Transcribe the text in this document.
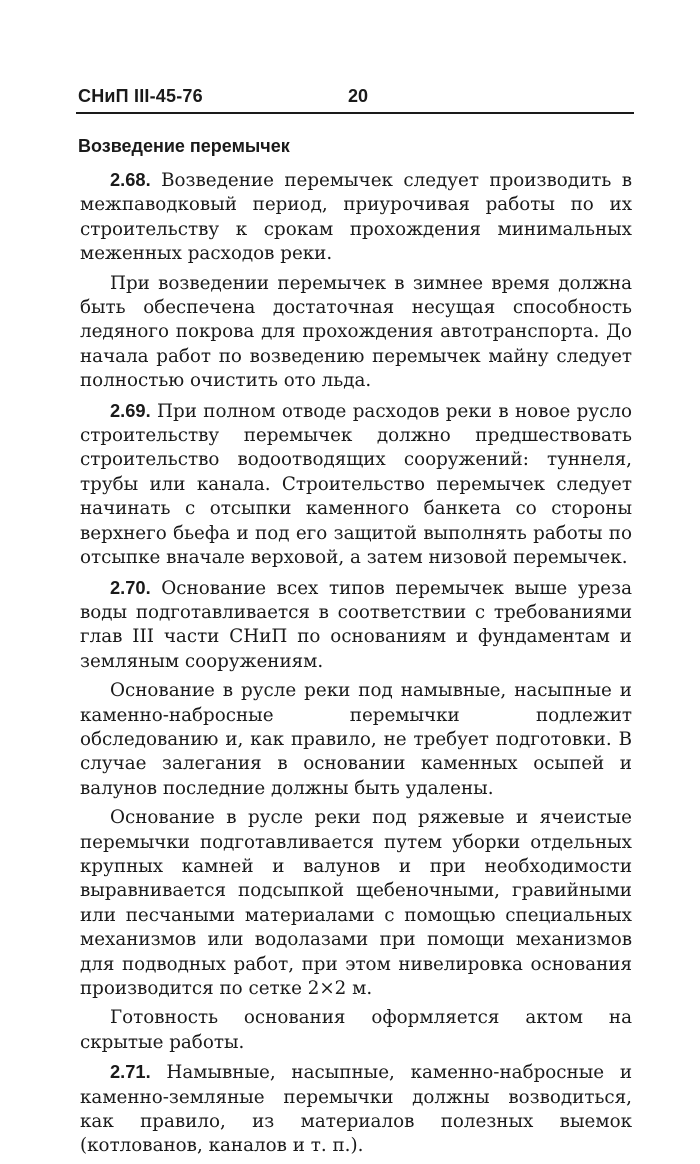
СНиП III-45-76	20
Возведение перемычек

2.68. Возведение перемычек следует производить в межпаводковый период, приурочивая работы по их строительству к срокам прохождения минимальных меженных расходов реки.

При возведении перемычек в зимнее время должна быть обеспечена достаточная несущая способность ледяного покрова для прохождения автотранспорта. До начала работ по возведению перемычек майну следует полностью очистить ото льда.

2.69. При полном отводе расходов реки в новое русло строительству перемычек должно предшествовать строительство водоотводящих сооружений: туннеля, трубы или канала. Строительство перемычек следует начинать с отсыпки каменного банкета со стороны верхнего бьефа и под его защитой выполнять работы по отсыпке вначале верховой, а затем низовой перемычек.

2.70. Основание всех типов перемычек выше уреза воды подготавливается в соответствии с требованиями глав III части СНиП по основаниям и фундаментам и земляным сооружениям.

Основание в русле реки под намывные, насыпные и каменно-набросные перемычки подлежит обследованию и, как правило, не требует подготовки. В случае залегания в основании каменных осыпей и валунов последние должны быть удалены.

Основание в русле реки под ряжевые и ячеистые перемычки подготавливается путем уборки отдельных крупных камней и валунов и при необходимости выравнивается подсыпкой щебеночными, гравийными или песчаными материалами с помощью специальных механизмов или водолазами при помощи механизмов для подводных работ, при этом нивелировка основания производится по сетке 2×2 м.

Готовность основания оформляется актом на скрытые работы.

2.71. Намывные, насыпные, каменно-набросные и каменно-земляные перемычки должны возводиться, как правило, из материалов полезных выемок (котлованов, каналов и т. п.).
